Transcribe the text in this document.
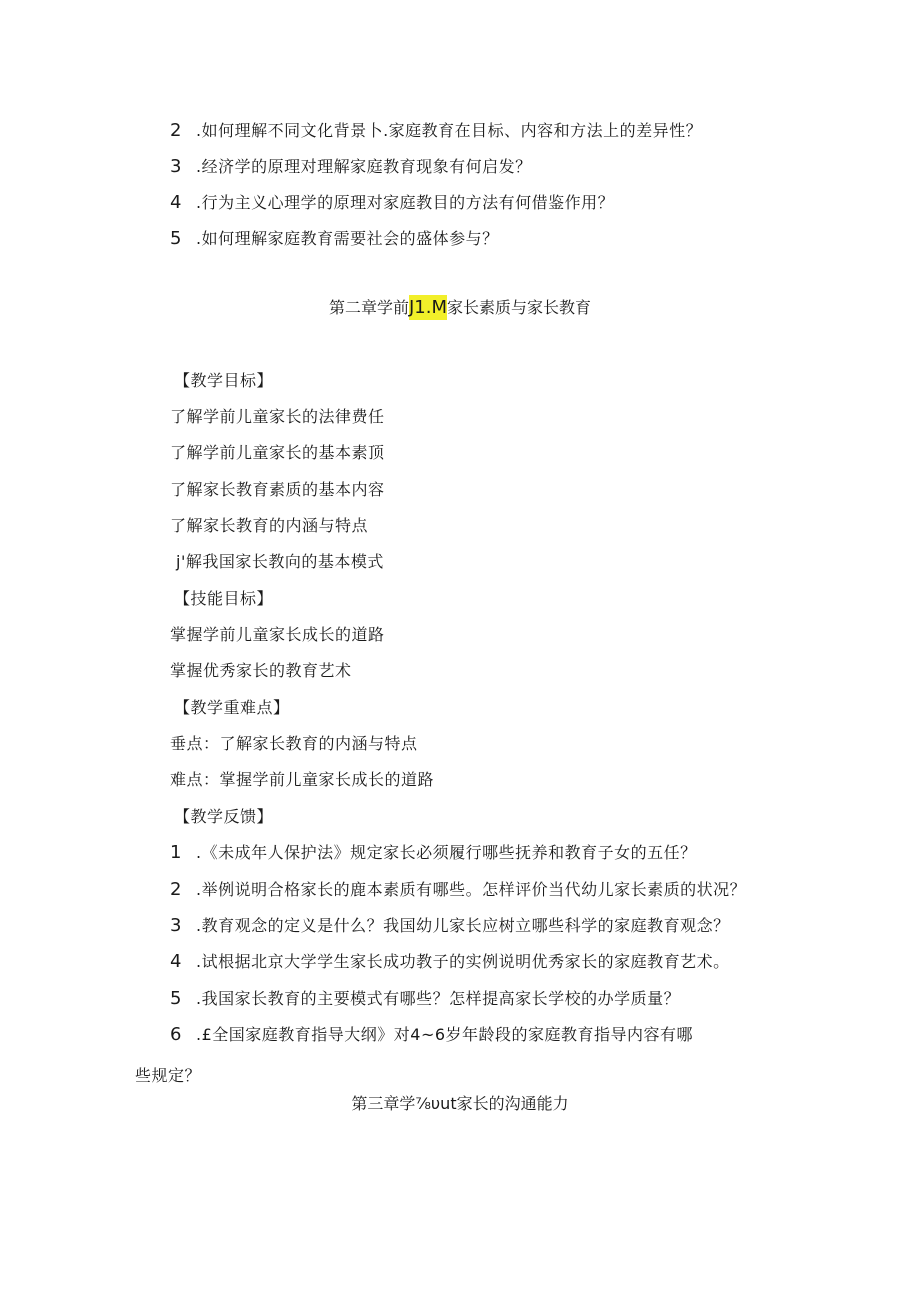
2 .如何理解不同文化背景卜.家庭教育在目标、内容和方法上的差异性？
3 .经济学的原理对理解家庭教育现象有何启发？
4 .行为主义心理学的原理对家庭教目的方法有何借鉴作用？
5 .如何理解家庭教育需要社会的盛体参与？
第二章学前J1.M家长素质与家长教育
【教学目标】
了解学前儿童家长的法律费任
了解学前儿童家长的基本素顶
了解家长教育素质的基本内容
了解家长教育的内涵与特点
j'解我国家长教向的基本模式
【技能目标】
掌握学前儿童家长成长的道路
掌握优秀家长的教育艺术
【教学重难点】
垂点：了解家长教育的内涵与特点
难点：掌握学前儿童家长成长的道路
【教学反馈】
1 .《未成年人保护法》规定家长必须履行哪些抚养和教育子女的五任？
2 .举例说明合格家长的鹿本素质有哪些。怎样评价当代幼儿家长素质的状况？
3 .教育观念的定义是什么？我国幼儿家长应树立哪些科学的家庭教育观念？
4 .试根据北京大学学生家长成功教子的实例说明优秀家长的家庭教育艺术。
5 .我国家长教育的主要模式有哪些？怎样提高家长学校的办学质量？
6 .£全国家庭教育指导大纲》对4~6岁年龄段的家庭教育指导内容有哪
些规定？
第三章学⅞υut家长的沟通能力
